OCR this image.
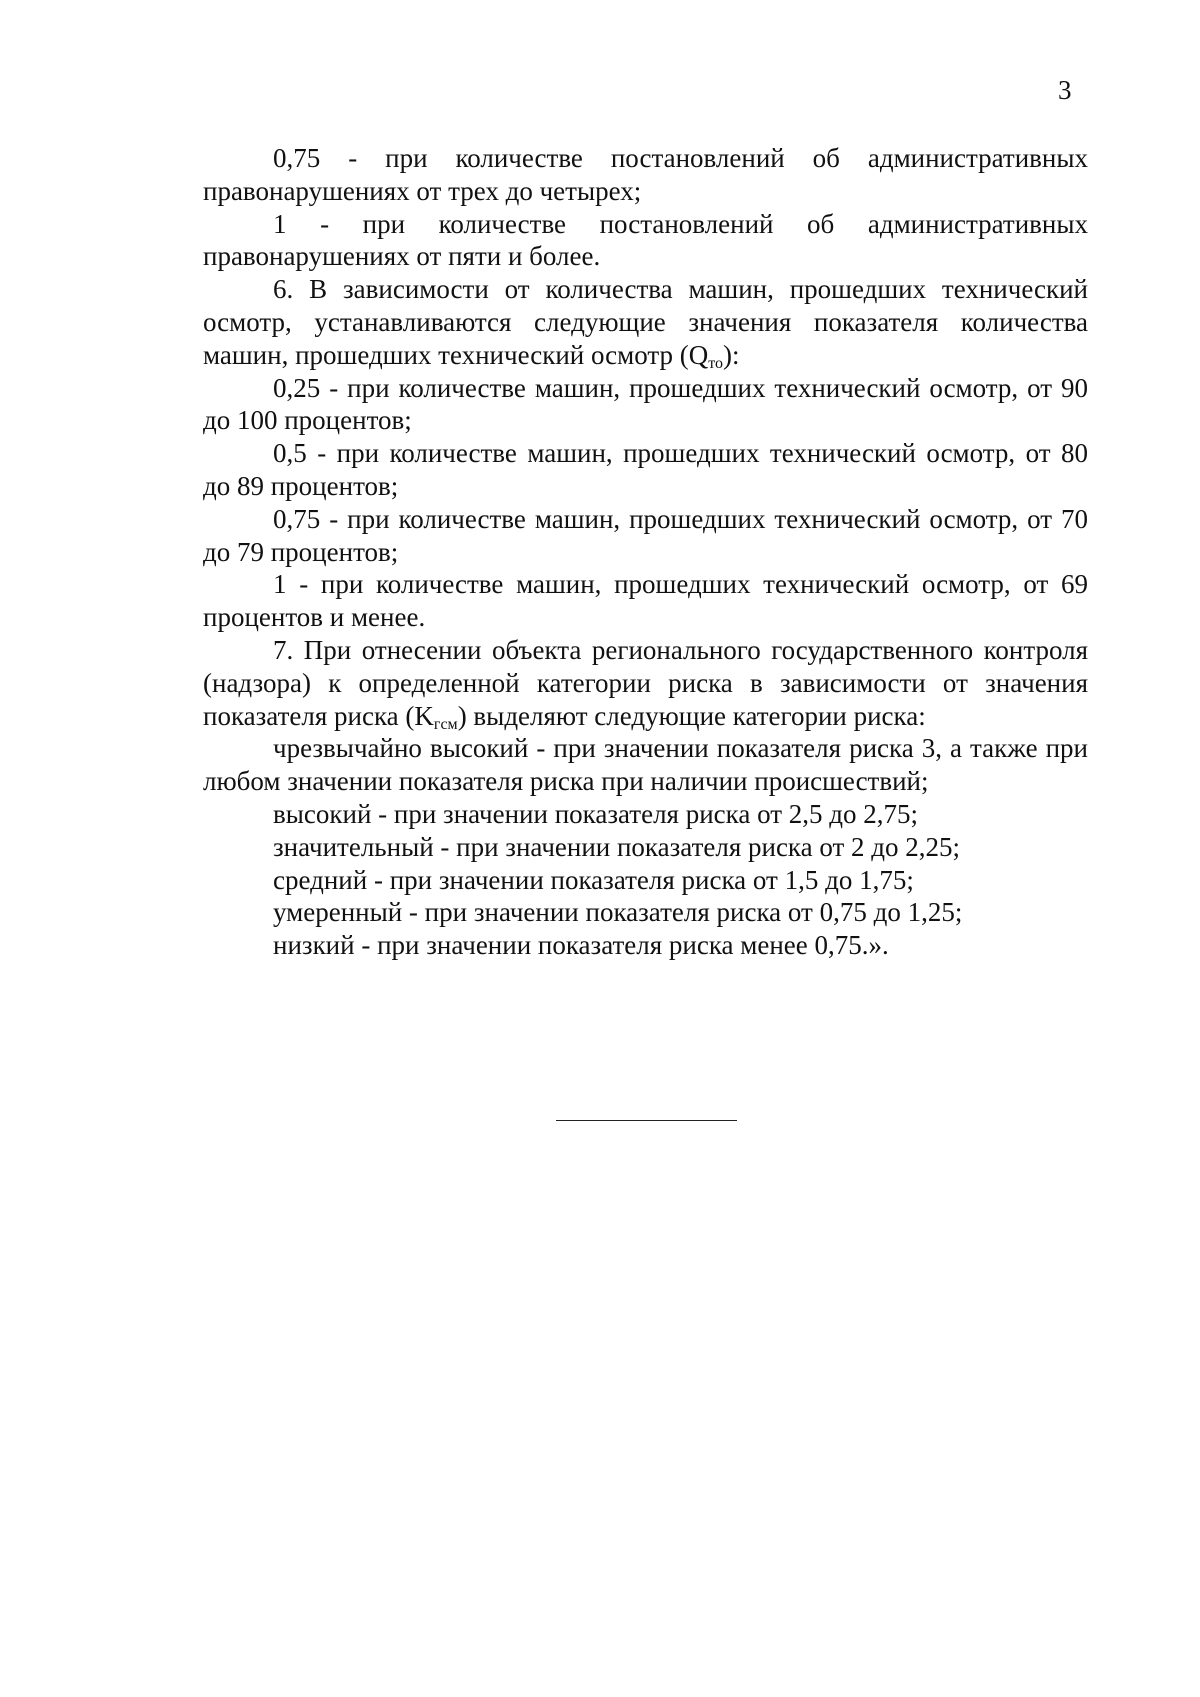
3

0,75 - при количестве постановлений об административных правонарушениях от трех до четырех;

1 - при количестве постановлений об административных правонарушениях от пяти и более.

6. В зависимости от количества машин, прошедших технический осмотр, устанавливаются следующие значения показателя количества машин, прошедших технический осмотр $(Q_{то})$:

0,25 - при количестве машин, прошедших технический осмотр, от 90 до 100 процентов;

0,5 - при количестве машин, прошедших технический осмотр, от 80 до 89 процентов;

0,75 - при количестве машин, прошедших технический осмотр, от 70 до 79 процентов;

1 - при количестве машин, прошедших технический осмотр, от 69 процентов и менее.

7. При отнесении объекта регионального государственного контроля (надзора) к определенной категории риска в зависимости от значения показателя риска $(K_{гсм})$ выделяют следующие категории риска:

чрезвычайно высокий - при значении показателя риска 3, а также при любом значении показателя риска при наличии происшествий;

высокий - при значении показателя риска от 2,5 до 2,75;

значительный - при значении показателя риска от 2 до 2,25;

средний - при значении показателя риска от 1,5 до 1,75;

умеренный - при значении показателя риска от 0,75 до 1,25;

низкий - при значении показателя риска менее 0,75.».
